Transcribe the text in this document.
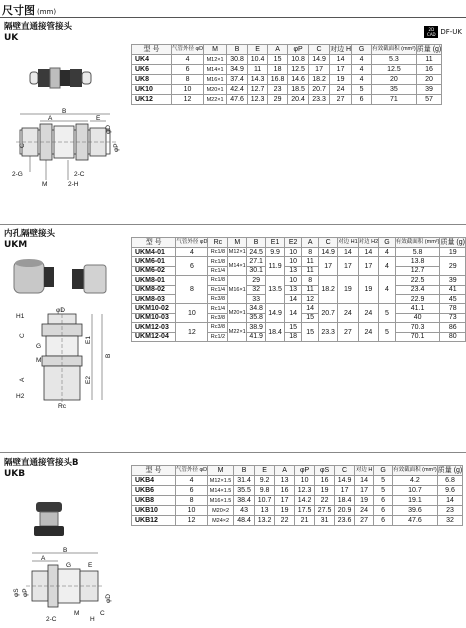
尺寸图 (mm)
隔壁直通接管接头
UK
2D CAD DF-UK
B
A	E
φD
φP
C
2-G	2-C
M	2-H
型 号	气管外径 φD	M	B	E	A	φP	C	对边 H	G	有效截面积 (mm²)	质量 (g)
UK4	4	M12×1	30.8	10.4	15	10.8	14.9	14	4	5.3	11
UK6	6	M14×1	34.9	11	18	12.5	17	17	4	12.5	16
UK8	8	M16×1	37.4	14.3	16.8	14.6	18.2	19	4	20	20
UK10	10	M20×1	42.4	12.7	23	18.5	20.7	24	5	35	39
UK12	12	M22×1	47.6	12.3	29	20.4	23.3	27	6	71	57
内孔隔壁接头
UKM
φD
H1
C
G
M
A
H2
Rc
E1
E2
B
型 号	气管外径 φD	Rc	M	B	E1	E2	A	C	对边 H1	对边 H2	G	有效截面积 (mm²)	质量 (g)
UKM4-01	4	Rc1/8	M12×1	24.5	9.9	10	8	14.9	14	14	4	5.8	19
UKM6-01	6	Rc1/8	M14×1	27.1	11.9	10	11	17	17	17	4	13.8	29
UKM6-02		Rc1/4		30.1		13	11					12.7	
UKM8-01	8	Rc1/8	M16×1	29	13.5	10	8	18.2	19	19	4	22.5	39
UKM8-02		Rc1/4		32		13	11					23.4	41
UKM8-03		Rc3/8		33		14	12					22.9	45
UKM10-02	10	Rc1/4	M20×1	34.8	14.9	14	14	20.7	24	24	5	41.1	78
UKM10-03		Rc3/8		35.8			15					40	73
UKM12-03	12	Rc3/8	M22×1	38.9	18.4	15	15	23.3	27	24	5	70.3	86
UKM12-04		Rc1/2		41.9		18						70.1	80
隔壁直通接管接头B
UKB
B
A
E
G
M
φS φP
φD
2-C	H
C
型 号	气管外径 φD	M	B	E	A	φP	φS	C	对边 H	G	有效截面积 (mm²)	质量 (g)
UKB4	4	M12×1.5	31.4	9.2	13	10	16	14.9	14	5	4.2	6.8
UKB6	6	M14×1.5	35.5	9.8	16	12.3	19	17	17	5	10.7	9.6
UKB8	8	M16×1.5	38.4	10.7	17	14.2	22	18.4	19	6	19.1	14
UKB10	10	M20×2	43	13	19	17.5	27.5	20.9	24	6	39.6	23
UKB12	12	M24×2	48.4	13.2	22	21	31	23.6	27	6	47.6	32
